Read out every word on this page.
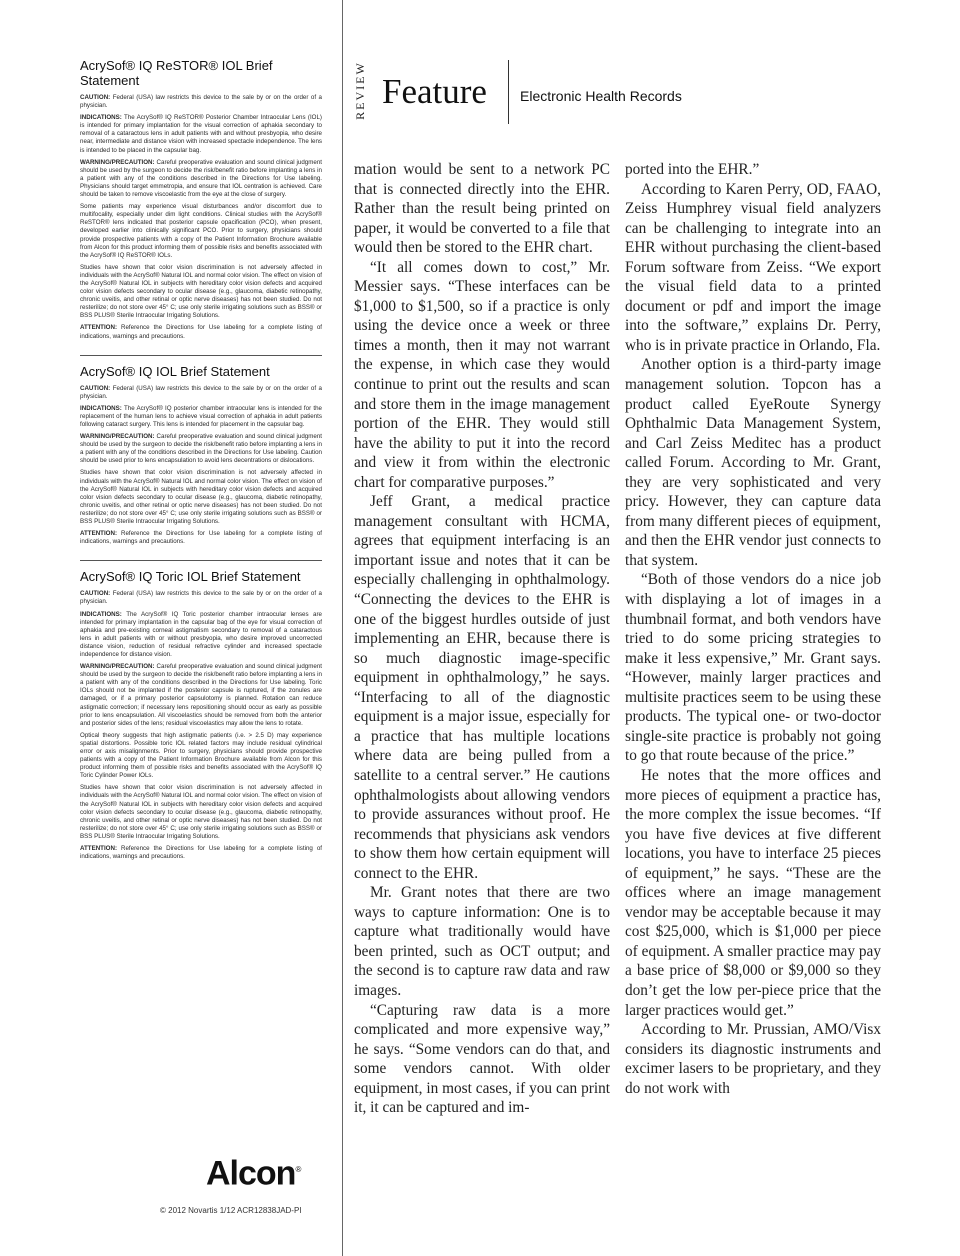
AcrySof® IQ ReSTOR® IOL Brief Statement

CAUTION: Federal (USA) law restricts this device to the sale by or on the order of a physician.

INDICATIONS: The AcrySof® IQ ReSTOR® Posterior Chamber Intraocular Lens (IOL) is intended for primary implantation for the visual correction of aphakia secondary to removal of a cataractous lens in adult patients with and without presbyopia, who desire near, intermediate and distance vision with increased spectacle independence. The lens is intended to be placed in the capsular bag.

WARNING/PRECAUTION: Careful preoperative evaluation and sound clinical judgment should be used by the surgeon to decide the risk/benefit ratio before implanting a lens in a patient with any of the conditions described in the Directions for Use labeling. Physicians should target emmetropia, and ensure that IOL centration is achieved. Care should be taken to remove viscoelastic from the eye at the close of surgery.

Some patients may experience visual disturbances and/or discomfort due to multifocality, especially under dim light conditions. Clinical studies with the AcrySof® ReSTOR® lens indicated that posterior capsule opacification (PCO), when present, developed earlier into clinically significant PCO. Prior to surgery, physicians should provide prospective patients with a copy of the Patient Information Brochure available from Alcon for this product informing them of possible risks and benefits associated with the AcrySof® IQ ReSTOR® IOLs.

Studies have shown that color vision discrimination is not adversely affected in individuals with the AcrySof® Natural IOL and normal color vision. The effect on vision of the AcrySof® Natural IOL in subjects with hereditary color vision defects and acquired color vision defects secondary to ocular disease (e.g., glaucoma, diabetic retinopathy, chronic uveitis, and other retinal or optic nerve diseases) has not been studied. Do not resterilize; do not store over 45° C; use only sterile irrigating solutions such as BSS® or BSS PLUS® Sterile Intraocular Irrigating Solutions.

ATTENTION: Reference the Directions for Use labeling for a complete listing of indications, warnings and precautions.

AcrySof® IQ IOL Brief Statement

CAUTION: Federal (USA) law restricts this device to the sale by or on the order of a physician.

INDICATIONS: The AcrySof® IQ posterior chamber intraocular lens is intended for the replacement of the human lens to achieve visual correction of aphakia in adult patients following cataract surgery. This lens is intended for placement in the capsular bag.

WARNING/PRECAUTION: Careful preoperative evaluation and sound clinical judgment should be used by the surgeon to decide the risk/benefit ratio before implanting a lens in a patient with any of the conditions described in the Directions for Use labeling. Caution should be used prior to lens encapsulation to avoid lens decentrations or dislocations.

Studies have shown that color vision discrimination is not adversely affected in individuals with the AcrySof® Natural IOL and normal color vision. The effect on vision of the AcrySof® Natural IOL in subjects with hereditary color vision defects and acquired color vision defects secondary to ocular disease (e.g., glaucoma, diabetic retinopathy, chronic uveitis, and other retinal or optic nerve diseases) has not been studied. Do not resterilize; do not store over 45° C; use only sterile irrigating solutions such as BSS® or BSS PLUS® Sterile Intraocular Irrigating Solutions.

ATTENTION: Reference the Directions for Use labeling for a complete listing of indications, warnings and precautions.

AcrySof® IQ Toric IOL Brief Statement

CAUTION: Federal (USA) law restricts this device to the sale by or on the order of a physician.

INDICATIONS: The AcrySof® IQ Toric posterior chamber intraocular lenses are intended for primary implantation in the capsular bag of the eye for visual correction of aphakia and pre-existing corneal astigmatism secondary to removal of a cataractous lens in adult patients with or without presbyopia, who desire improved uncorrected distance vision, reduction of residual refractive cylinder and increased spectacle independence for distance vision.

WARNING/PRECAUTION: Careful preoperative evaluation and sound clinical judgment should be used by the surgeon to decide the risk/benefit ratio before implanting a lens in a patient with any of the conditions described in the Directions for Use labeling. Toric IOLs should not be implanted if the posterior capsule is ruptured, if the zonules are damaged, or if a primary posterior capsulotomy is planned. Rotation can reduce astigmatic correction; if necessary lens repositioning should occur as early as possible prior to lens encapsulation. All viscoelastics should be removed from both the anterior and posterior sides of the lens; residual viscoelastics may allow the lens to rotate.

Optical theory suggests that high astigmatic patients (i.e. > 2.5 D) may experience spatial distortions. Possible toric IOL related factors may include residual cylindrical error or axis misalignments. Prior to surgery, physicians should provide prospective patients with a copy of the Patient Information Brochure available from Alcon for this product informing them of possible risks and benefits associated with the AcrySof® IQ Toric Cylinder Power IOLs.

Studies have shown that color vision discrimination is not adversely affected in individuals with the AcrySof® Natural IOL and normal color vision. The effect on vision of the AcrySof® Natural IOL in subjects with hereditary color vision defects and acquired color vision defects secondary to ocular disease (e.g., glaucoma, diabetic retinopathy, chronic uveitis, and other retinal or optic nerve diseases) has not been studied. Do not resterilize; do not store over 45° C; use only sterile irrigating solutions such as BSS® or BSS PLUS® Sterile Intraocular Irrigating Solutions.

ATTENTION: Reference the Directions for Use labeling for a complete listing of indications, warnings and precautions.

Alcon®
© 2012 Novartis 1/12 ACR12838JAD-PI
REVIEW Feature Electronic Health Records

mation would be sent to a network PC that is connected directly into the EHR. Rather than the result being printed on paper, it would be converted to a file that would then be stored to the EHR chart.

“It all comes down to cost,” Mr. Messier says. “These interfaces can be $1,000 to $1,500, so if a practice is only using the device once a week or three times a month, then it may not warrant the expense, in which case they would continue to print out the results and scan and store them in the image management portion of the EHR. They would still have the ability to put it into the record and view it from within the electronic chart for comparative purposes.”

Jeff Grant, a medical practice management consultant with HCMA, agrees that equipment interfacing is an important issue and notes that it can be especially challenging in ophthalmology. “Connecting the devices to the EHR is one of the biggest hurdles outside of just implementing an EHR, because there is so much diagnostic image-specific equipment in ophthalmology,” he says. “Interfacing to all of the diagnostic equipment is a major issue, especially for a practice that has multiple locations where data are being pulled from a satellite to a central server.” He cautions ophthalmologists about allowing vendors to provide assurances without proof. He recommends that physicians ask vendors to show them how certain equipment will connect to the EHR.

Mr. Grant notes that there are two ways to capture information: One is to capture what traditionally would have been printed, such as OCT output; and the second is to capture raw data and raw images.

“Capturing raw data is a more complicated and more expensive way,” he says. “Some vendors can do that, and some vendors cannot. With older equipment, in most cases, if you can print it, it can be captured and im-

ported into the EHR.”

According to Karen Perry, OD, FAAO, Zeiss Humphrey visual field analyzers can be challenging to integrate into an EHR without purchasing the client-based Forum software from Zeiss. “We export the visual field data to a printed document or pdf and import the image into the software,” explains Dr. Perry, who is in private practice in Orlando, Fla.

Another option is a third-party image management solution. Topcon has a product called EyeRoute Synergy Ophthalmic Data Management System, and Carl Zeiss Meditec has a product called Forum. According to Mr. Grant, they are very sophisticated and very pricy. However, they can capture data from many different pieces of equipment, and then the EHR vendor just connects to that system.

“Both of those vendors do a nice job with displaying a lot of images in a thumbnail format, and both vendors have tried to do some pricing strategies to make it less expensive,” Mr. Grant says. “However, mainly larger practices and multisite practices seem to be using these products. The typical one- or two-doctor single-site practice is probably not going to go that route because of the price.”

He notes that the more offices and more pieces of equipment a practice has, the more complex the issue becomes. “If you have five devices at five different locations, you have to interface 25 pieces of equipment,” he says. “These are the offices where an image management vendor may be acceptable because it may cost $25,000, which is $1,000 per piece of equipment. A smaller practice may pay a base price of $8,000 or $9,000 so they don’t get the low per-piece price that the larger practices would get.”

According to Mr. Prussian, AMO/Visx considers its diagnostic instruments and excimer lasers to be proprietary, and they do not work with
